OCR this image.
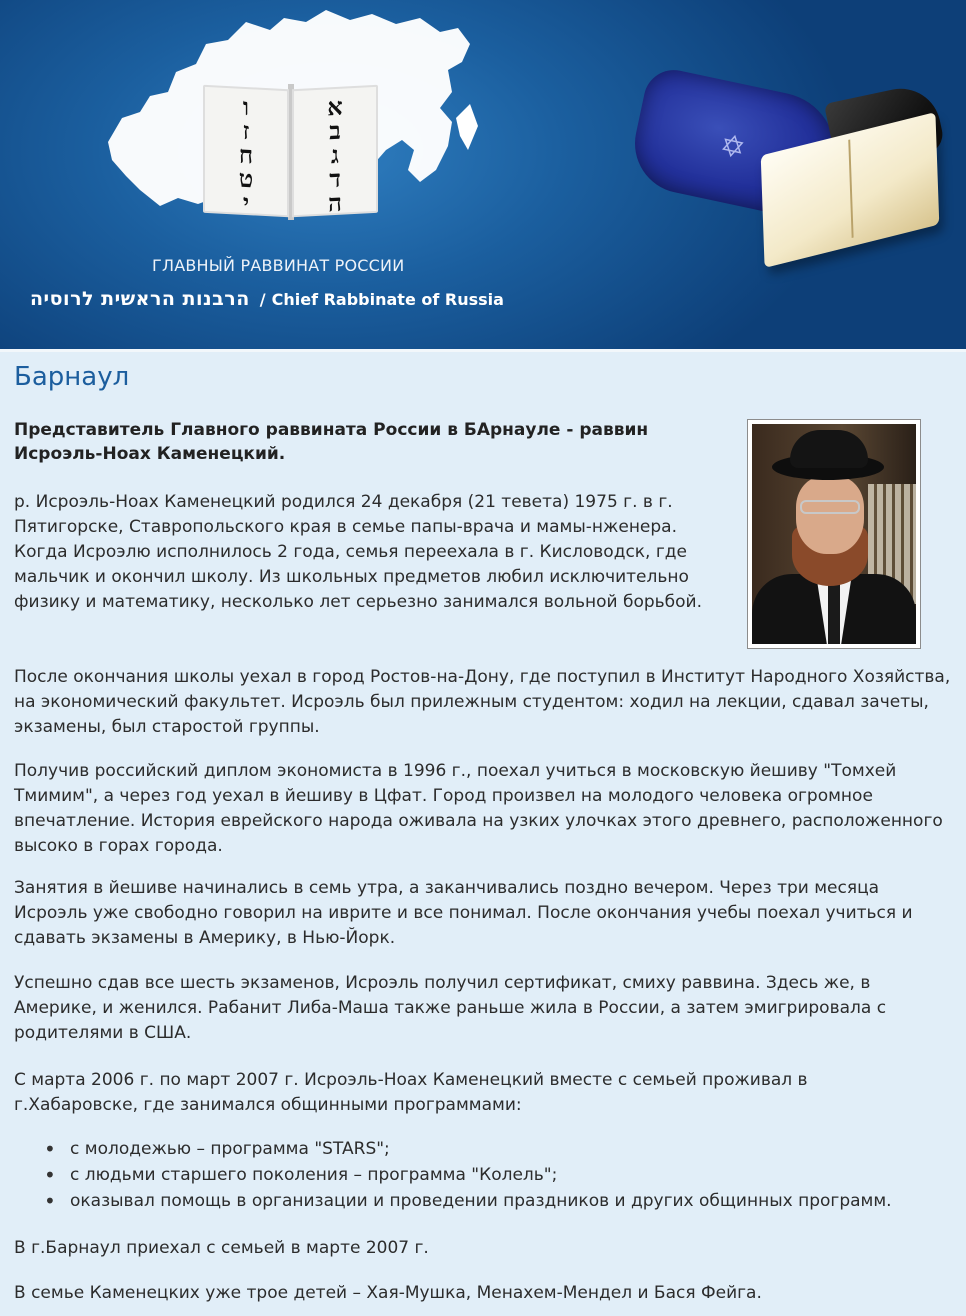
ו
ז
ח
ט
י
א
ב
ג
ד
ה
ГЛАВНЫЙ РАВВИНАТ РОССИИ
הרבנות הראשית לרוסיה / Chief Rabbinate of Russia
✡
Барнаул

Представитель Главного раввината России в БАрнауле - раввин Исроэль-Ноах Каменецкий.

р. Исроэль-Ноах Каменецкий родился 24 декабря (21 тевета) 1975 г. в г. Пятигорске, Ставропольского края в семье папы-врача и мамы-нженера. Когда Исроэлю исполнилось 2 года, семья переехала в г. Кисловодск, где мальчик и окончил школу. Из школьных предметов любил исключительно физику и математику, несколько лет серьезно занимался вольной борьбой.

После окончания школы уехал в город Ростов-на-Дону, где поступил в Институт Народного Хозяйства, на экономический факультет. Исроэль был прилежным студентом: ходил на лекции, сдавал зачеты, экзамены, был старостой группы.

Получив российский диплом экономиста в 1996 г., поехал учиться в московскую йешиву "Томхей Тмимим", а через год уехал в йешиву в Цфат. Город произвел на молодого человека огромное впечатление. История еврейского народа оживала на узких улочках этого древнего, расположенного высоко в горах города.

Занятия в йешиве начинались в семь утра, а заканчивались поздно вечером. Через три месяца Исроэль уже свободно говорил на иврите и все понимал. После окончания учебы поехал учиться и сдавать экзамены в Америку, в Нью-Йорк.

Успешно сдав все шесть экзаменов, Исроэль получил сертификат, смиху раввина. Здесь же, в Америке, и женился. Рабанит Либа-Маша также раньше жила в России, а затем эмигрировала с родителями в США.

С марта 2006 г. по март 2007 г. Исроэль-Ноах Каменецкий вместе с семьей проживал в г.Хабаровске, где занимался общинными программами:

• с молодежью – программа "STARS";
• с людьми старшего поколения – программа "Колель";
• оказывал помощь в организации и проведении праздников и других общинных программ.

В г.Барнаул приехал с семьей в марте 2007 г.

В семье Каменецких уже трое детей – Хая-Мушка, Менахем-Мендел и Бася Фейга.
